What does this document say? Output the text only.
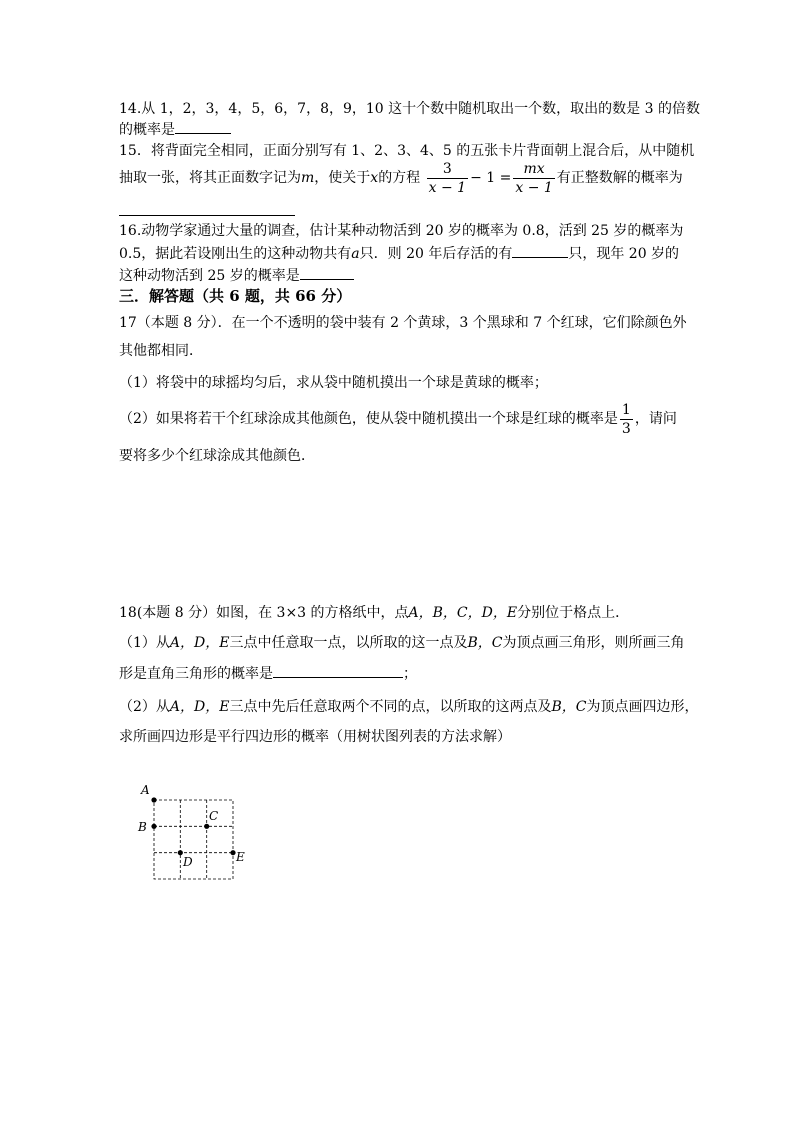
14.从 1，2，3，4，5，6，7，8，9，10 这十个数中随机取出一个数，取出的数是 3 的倍数
的概率是
15．将背面完全相同，正面分别写有 1、2、3、4、5 的五张卡片背面朝上混合后，从中随机
抽取一张，将其正面数字记为m，使关于x的方程 $\frac{3}{x - 1} - 1 = \frac{mx}{x - 1}$ 有正整数解的概率为
16.动物学家通过大量的调查，估计某种动物活到 20 岁的概率为 0.8，活到 25 岁的概率为
0.5，据此若设刚出生的这种动物共有a只．则 20 年后存活的有	只，现年 20 岁的
这种动物活到 25 岁的概率是
三．解答题（共 6 题，共 66 分）
17（本题 8 分）．在一个不透明的袋中装有 2 个黄球，3 个黑球和 7 个红球，它们除颜色外
其他都相同．
（1）将袋中的球摇均匀后，求从袋中随机摸出一个球是黄球的概率；
（2）如果将若干个红球涂成其他颜色，使从袋中随机摸出一个球是红球的概率是 $\frac{1}{3}$ ，请问
要将多少个红球涂成其他颜色．
18(本题 8 分）如图，在 3×3 的方格纸中，点A，B，C，D，E分别位于格点上．
（1）从A，D，E三点中任意取一点，以所取的这一点及B，C为顶点画三角形，则所画三角
形是直角三角形的概率是	；
（2）从A，D，E三点中先后任意取两个不同的点，以所取的这两点及B，C为顶点画四边形，
求所画四边形是平行四边形的概率（用树状图列表的方法求解）
A
B
C
D	E
